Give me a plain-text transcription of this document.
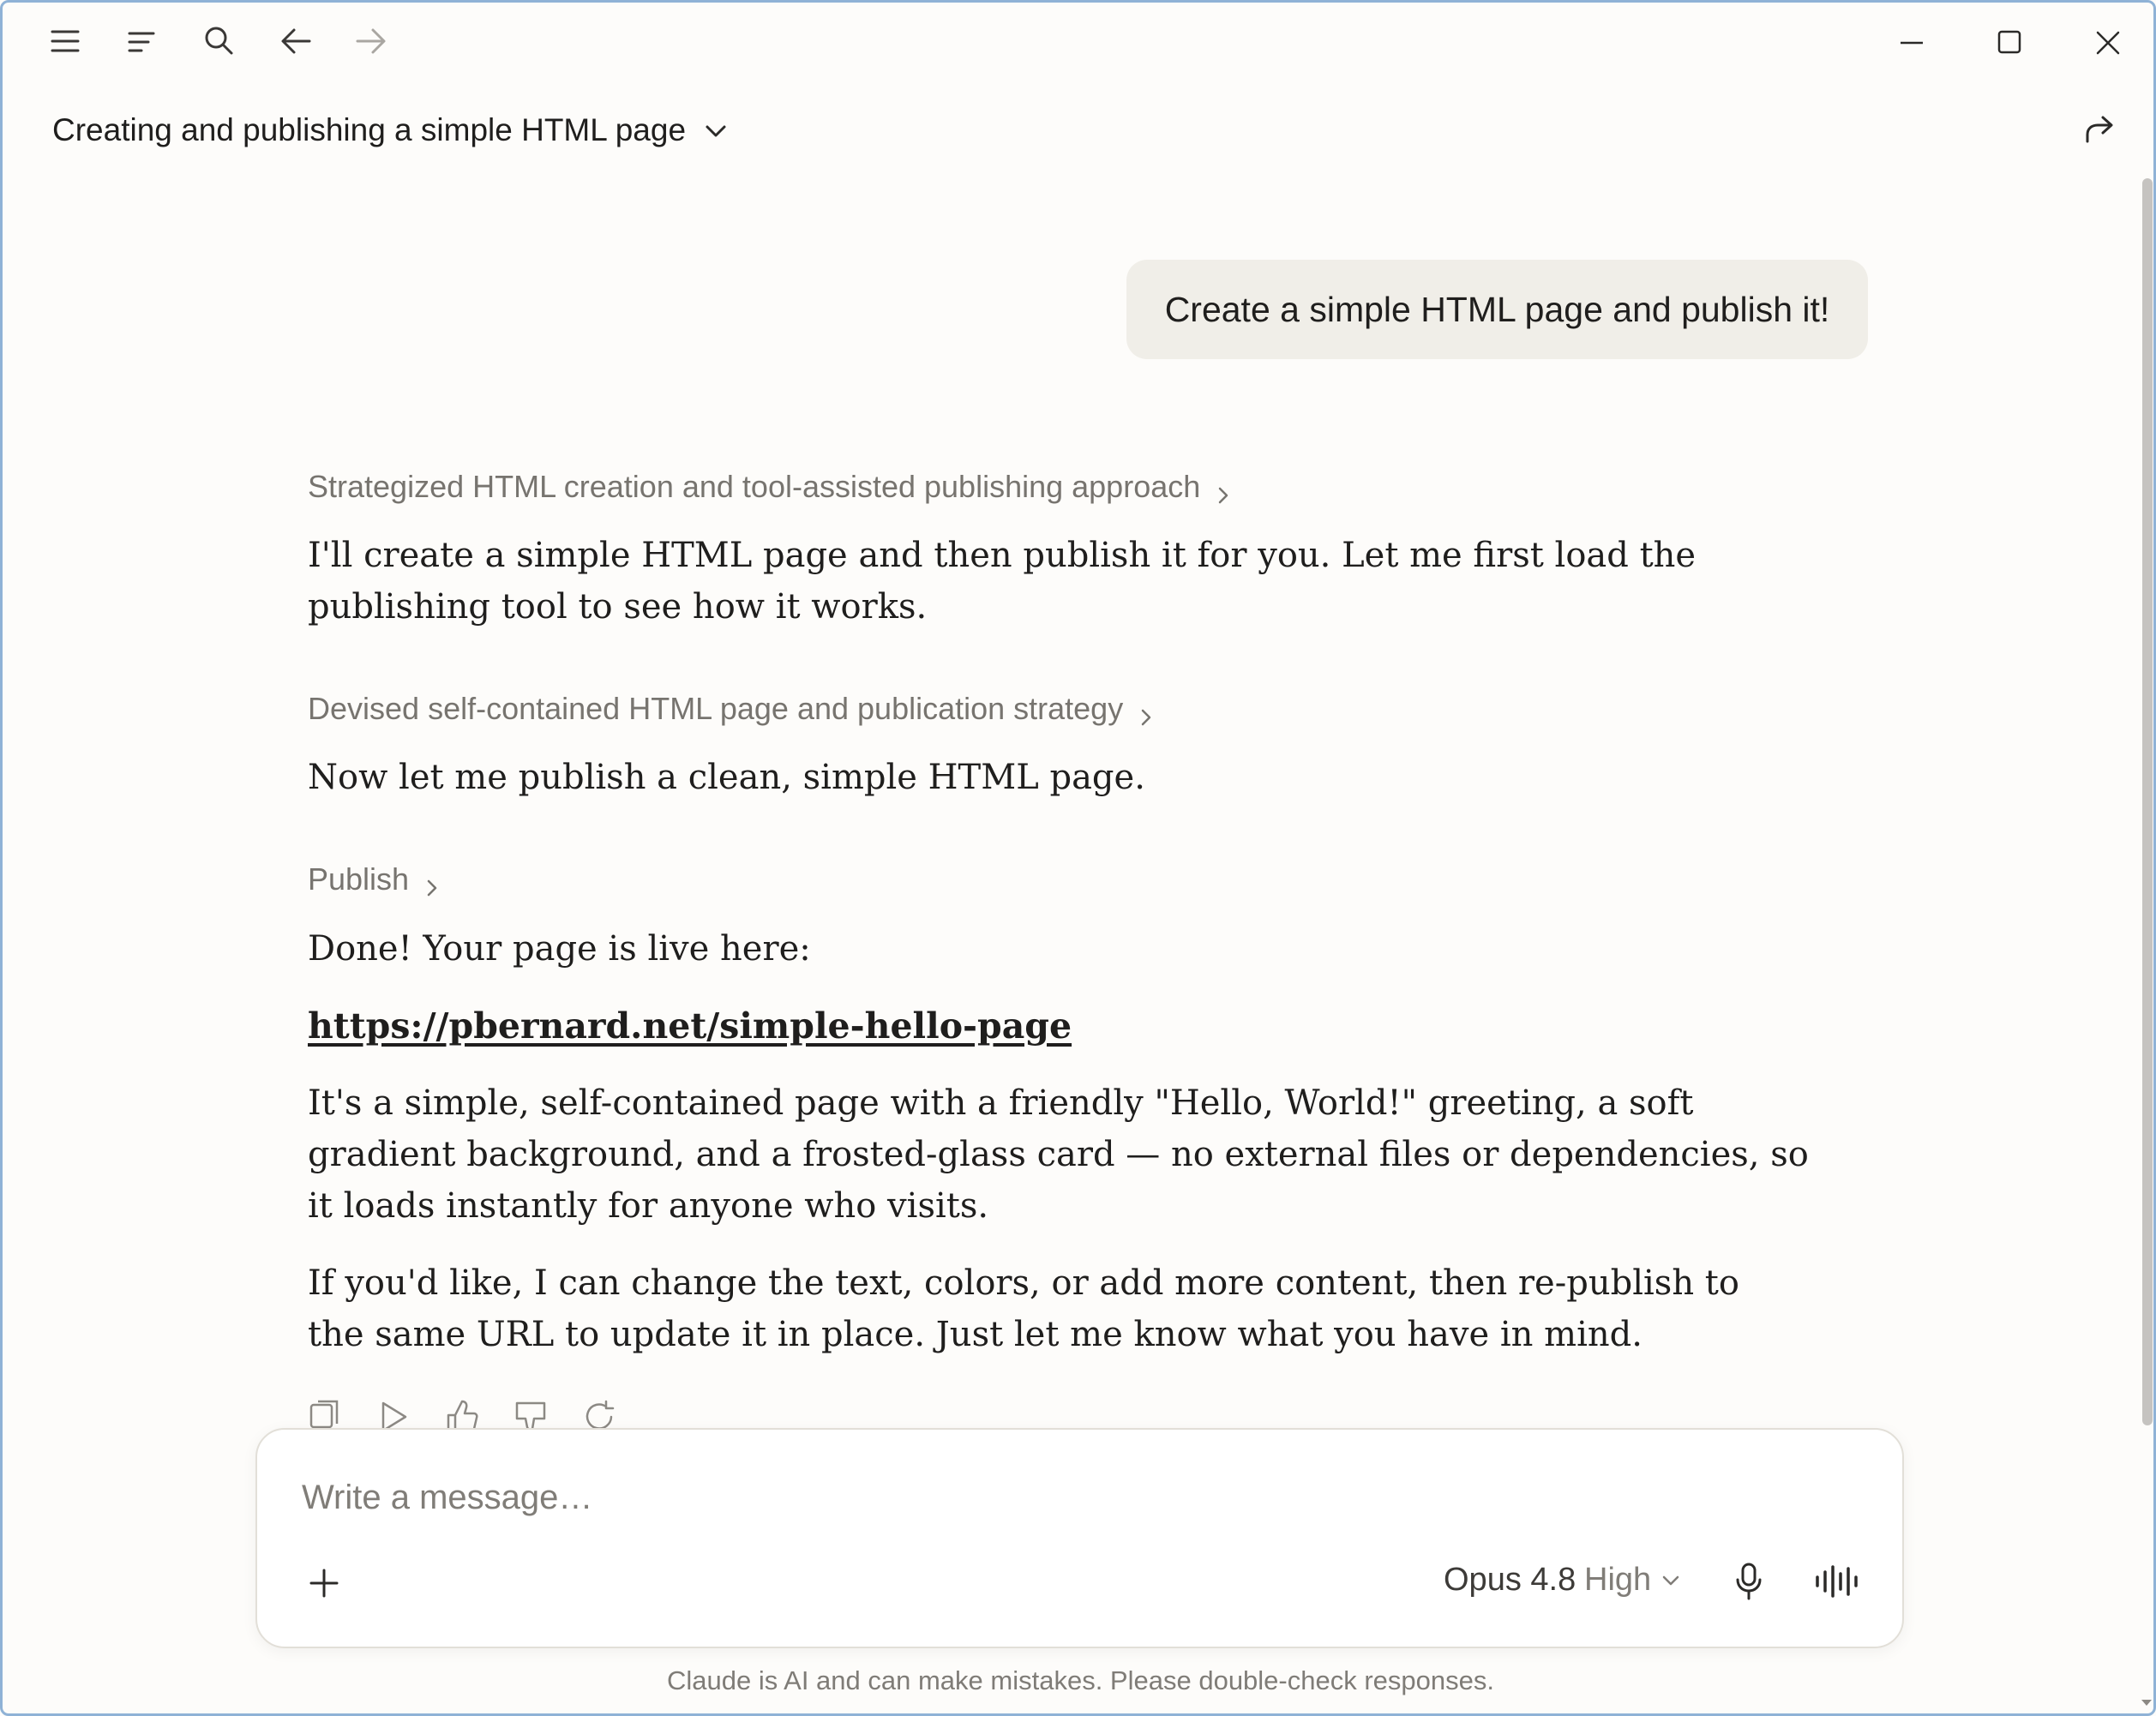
Creating and publishing a simple HTML page
Create a simple HTML page and publish it!
Strategized HTML creation and tool-assisted publishing approach
I'll create a simple HTML page and then publish it for you. Let me first load the publishing tool to see how it works.
Devised self-contained HTML page and publication strategy
Now let me publish a clean, simple HTML page.
Publish
Done! Your page is live here:
https://pbernard.net/simple-hello-page
It's a simple, self-contained page with a friendly "Hello, World!" greeting, a soft gradient background, and a frosted-glass card — no external files or dependencies, so it loads instantly for anyone who visits.
If you'd like, I can change the text, colors, or add more content, then re-publish to the same URL to update it in place. Just let me know what you have in mind.
Write a message…
Opus 4.8 High
Claude is AI and can make mistakes. Please double-check responses.
